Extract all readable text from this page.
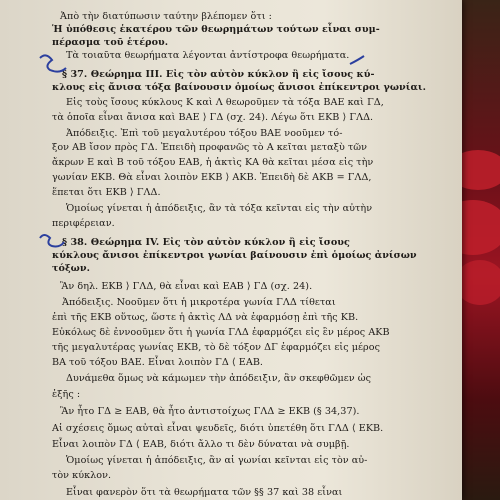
Ἀπὸ τὴν διατύπωσιν ταύτην βλέπομεν ὅτι :
Ἡ ὑπόθεσις ἑκατέρου τῶν θεωρημάτων τούτων εἶναι συμ-
πέρασμα τοῦ ἑτέρου.
Τὰ τοιαῦτα θεωρήματα λέγονται ἀντίστροφα θεωρήματα.
§ 37. Θεώρημα III. Εἰς τὸν αὐτὸν κύκλον ἢ εἰς ἴσους κύ-
κλους εἰς ἄνισα τόξα βαίνουσιν ὁμοίως ἄνισοι ἐπίκεντροι γωνίαι.
Εἰς τοὺς ἴσους κύκλους Κ καὶ Λ θεωροῦμεν τὰ τόξα ΒΑΕ καὶ ΓΔ,
τὰ ὁποῖα εἶναι ἄνισα καὶ ΒΑΕ ⟩ ΓΔ (σχ. 24). Λέγω ὅτι ΕΚΒ ⟩ ΓΛΔ.
Ἀπόδειξις. Ἐπὶ τοῦ μεγαλυτέρου τόξου ΒΑΕ νοοῦμεν τό-
ξον ΑΒ ἴσον πρὸς ΓΔ. Ἐπειδὴ προφανῶς τὸ Α κεῖται μεταξὺ τῶν
ἄκρων Ε καὶ Β τοῦ τόξου ΕΑΒ, ἡ ἀκτὶς ΚΑ θὰ κεῖται μέσα εἰς τὴν
γωνίαν ΕΚΒ. Θὰ εἶναι λοιπὸν ΕΚΒ ⟩ ΑΚΒ. Ἐπειδὴ δὲ ΑΚΒ = ΓΛΔ,
ἕπεται ὅτι ΕΚΒ ⟩ ΓΛΔ.
Ὁμοίως γίνεται ἡ ἀπόδειξις, ἂν τὰ τόξα κεῖνται εἰς τὴν αὐτὴν
περιφέρειαν.
§ 38. Θεώρημα IV. Εἰς τὸν αὐτὸν κύκλον ἢ εἰς ἴσους
κύκλους ἄνισοι ἐπίκεντροι γωνίαι βαίνουσιν ἐπὶ ὁμοίως ἀνίσων
τόξων.
Ἂν δηλ. ΕΚΒ ⟩ ΓΛΔ, θὰ εἶναι καὶ ΕΑΒ ⟩ ΓΔ (σχ. 24).
Ἀπόδειξις. Νοοῦμεν ὅτι ἡ μικροτέρα γωνία ΓΛΔ τίθεται
ἐπὶ τῆς ΕΚΒ οὕτως, ὥστε ἡ ἀκτὶς ΛΔ νὰ ἐφαρμόσῃ ἐπὶ τῆς ΚΒ.
Εὐκόλως δὲ ἐννοοῦμεν ὅτι ἡ γωνία ΓΛΔ ἐφαρμόζει εἰς ἓν μέρος ΑΚΒ
τῆς μεγαλυτέρας γωνίας ΕΚΒ, τὸ δὲ τόξον ΔΓ ἐφαρμόζει εἰς μέρος
ΒΑ τοῦ τόξου ΒΑΕ. Εἶναι λοιπὸν ΓΔ ⟨ ΕΑΒ.
Δυνάμεθα ὅμως νὰ κάμωμεν τὴν ἀπόδειξιν, ἂν σκεφθῶμεν ὡς
ἑξῆς :
Ἂν ἦτο ΓΔ ≥ ΕΑΒ, θὰ ἦτο ἀντιστοίχως ΓΛΔ ≥ ΕΚΒ (§ 34,37).
Αἱ σχέσεις ὅμως αὐταὶ εἶναι ψευδεῖς, διότι ὑπετέθη ὅτι ΓΛΔ ⟨ ΕΚΒ.
Εἶναι λοιπὸν ΓΔ ⟨ ΕΑΒ, διότι ἄλλο τι δὲν δύναται νὰ συμβῇ.
Ὁμοίως γίνεται ἡ ἀπόδειξις, ἂν αἱ γωνίαι κεῖνται εἰς τὸν αὐ-
τὸν κύκλον.
Εἶναι φανερὸν ὅτι τὰ θεωρήματα τῶν §§ 37 καὶ 38 εἶναι
